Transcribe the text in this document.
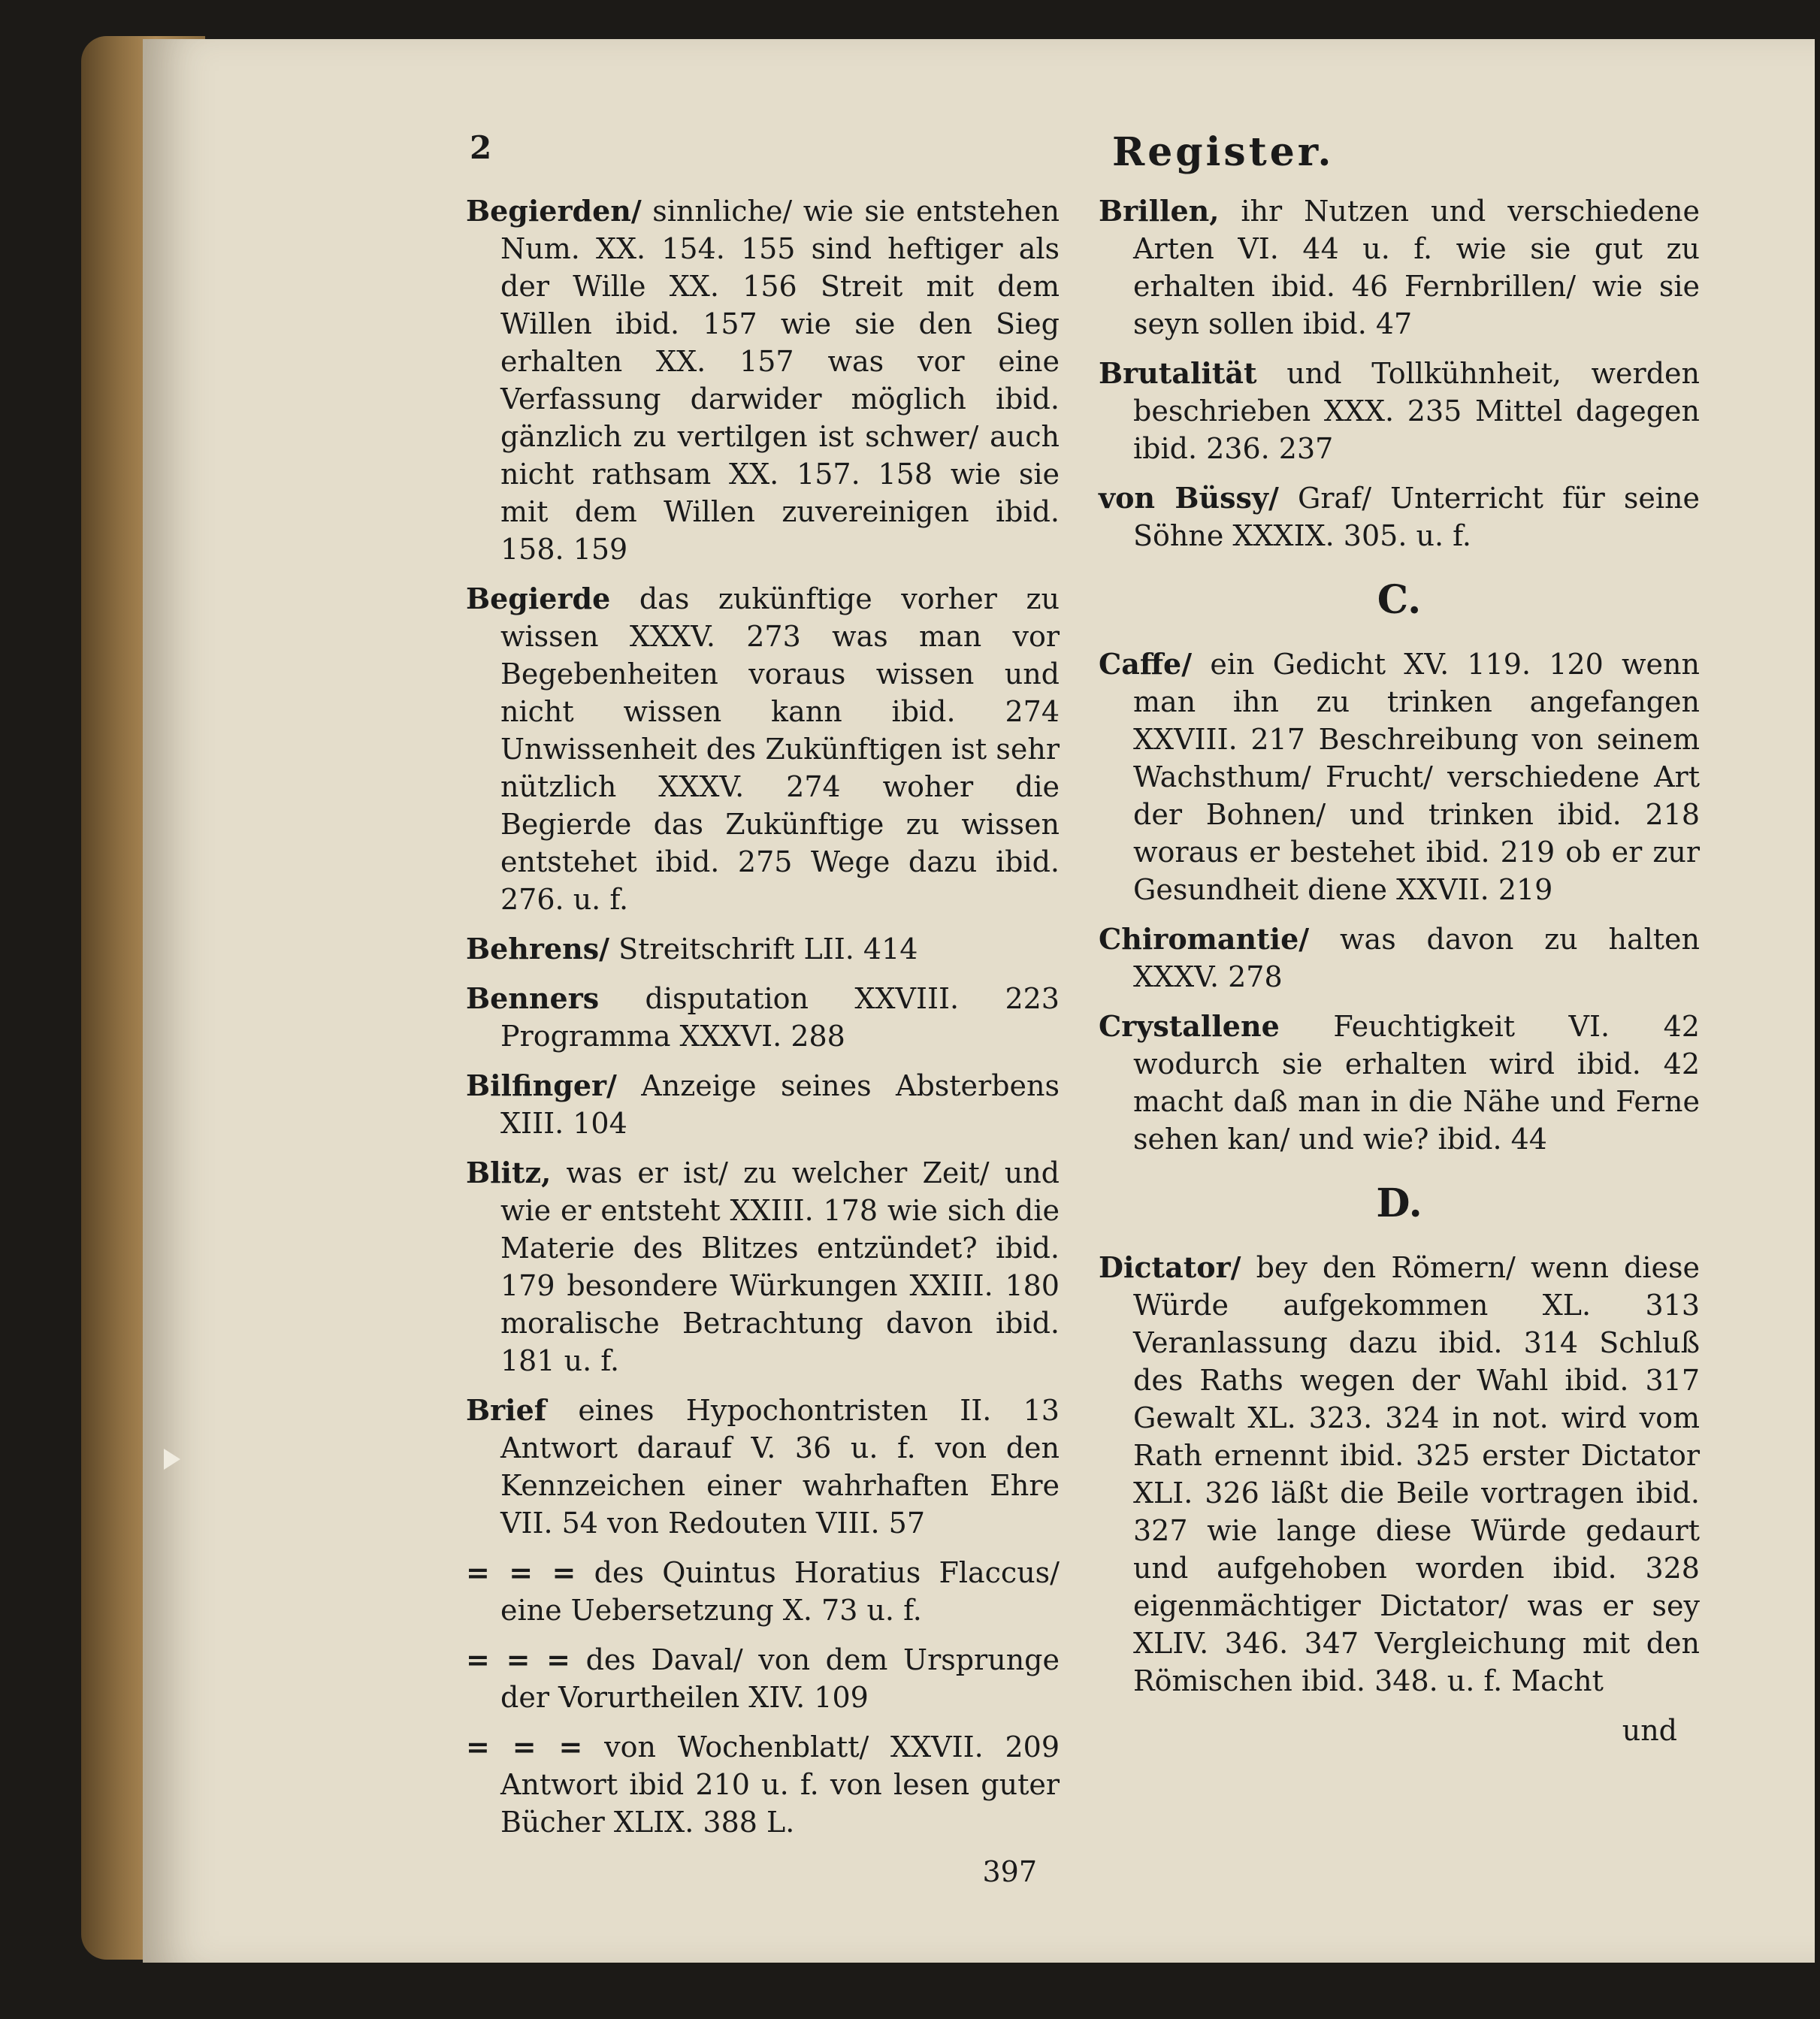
2	Register.

Begierden/ sinnliche/ wie sie entstehen Num. XX. 154. 155 sind heftiger als der Wille XX. 156 Streit mit dem Willen ibid. 157 wie sie den Sieg erhalten XX. 157 was vor eine Verfassung darwider möglich ibid. gänzlich zu vertilgen ist schwer/ auch nicht rathsam XX. 157. 158 wie sie mit dem Willen zuvereinigen ibid. 158. 159

Begierde das zukünftige vorher zu wissen XXXV. 273 was man vor Begebenheiten voraus wissen und nicht wissen kann ibid. 274 Unwissenheit des Zukünftigen ist sehr nützlich XXXV. 274 woher die Begierde das Zukünftige zu wissen entstehet ibid. 275 Wege dazu ibid. 276. u. f.

Behrens/ Streitschrift LII. 414

Benners disputation XXVIII. 223 Programma XXXVI. 288

Bilfinger/ Anzeige seines Absterbens XIII. 104

Blitz, was er ist/ zu welcher Zeit/ und wie er entsteht XXIII. 178 wie sich die Materie des Blitzes entzündet? ibid. 179 besondere Würkungen XXIII. 180 moralische Betrachtung davon ibid. 181 u. f.

Brief eines Hypochontristen II. 13 Antwort darauf V. 36 u. f. von den Kennzeichen einer wahrhaften Ehre VII. 54 von Redouten VIII. 57

= = = des Quintus Horatius Flaccus/ eine Uebersetzung X. 73 u. f.

= = = des Daval/ von dem Ursprunge der Vorurtheilen XIV. 109

= = = von Wochenblatt/ XXVII. 209 Antwort ibid 210 u. f. von lesen guter Bücher XLIX. 388 L.

397

Brillen, ihr Nutzen und verschiedene Arten VI. 44 u. f. wie sie gut zu erhalten ibid. 46 Fernbrillen/ wie sie seyn sollen ibid. 47

Brutalität und Tollkühnheit, werden beschrieben XXX. 235 Mittel dagegen ibid. 236. 237

von Büssy/ Graf/ Unterricht für seine Söhne XXXIX. 305. u. f.

C.

Caffe/ ein Gedicht XV. 119. 120 wenn man ihn zu trinken angefangen XXVIII. 217 Beschreibung von seinem Wachsthum/ Frucht/ verschiedene Art der Bohnen/ und trinken ibid. 218 woraus er bestehet ibid. 219 ob er zur Gesundheit diene XXVII. 219

Chiromantie/ was davon zu halten XXXV. 278

Crystallene Feuchtigkeit VI. 42 wodurch sie erhalten wird ibid. 42 macht daß man in die Nähe und Ferne sehen kan/ und wie? ibid. 44

D.

Dictator/ bey den Römern/ wenn diese Würde aufgekommen XL. 313 Veranlassung dazu ibid. 314 Schluß des Raths wegen der Wahl ibid. 317 Gewalt XL. 323. 324 in not. wird vom Rath ernennt ibid. 325 erster Dictator XLI. 326 läßt die Beile vortragen ibid. 327 wie lange diese Würde gedaurt und aufgehoben worden ibid. 328 eigenmächtiger Dictator/ was er sey XLIV. 346. 347 Vergleichung mit den Römischen ibid. 348. u. f. Macht

und
